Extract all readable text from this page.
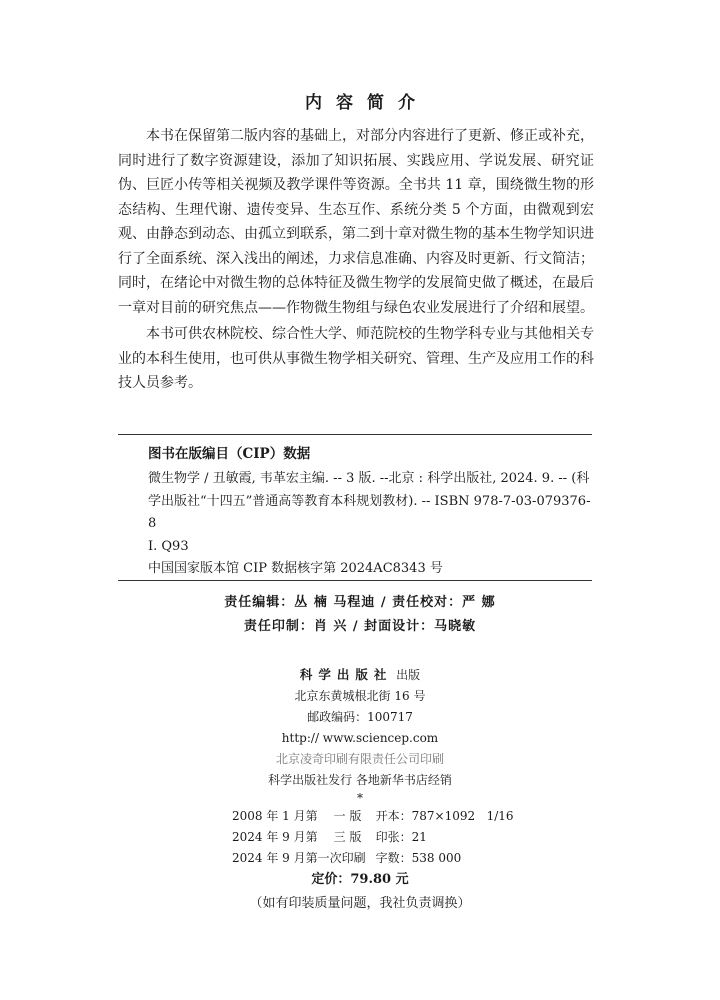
内容简介

本书在保留第二版内容的基础上，对部分内容进行了更新、修正或补充，同时进行了数字资源建设，添加了知识拓展、实践应用、学说发展、研究证伪、巨匠小传等相关视频及教学课件等资源。全书共 11 章，围绕微生物的形态结构、生理代谢、遗传变异、生态互作、系统分类 5 个方面，由微观到宏观、由静态到动态、由孤立到联系，第二到十章对微生物的基本生物学知识进行了全面系统、深入浅出的阐述，力求信息准确、内容及时更新、行文简洁；同时，在绪论中对微生物的总体特征及微生物学的发展简史做了概述，在最后一章对目前的研究焦点——作物微生物组与绿色农业发展进行了介绍和展望。

本书可供农林院校、综合性大学、师范院校的生物学科专业与其他相关专业的本科生使用，也可供从事微生物学相关研究、管理、生产及应用工作的科技人员参考。

图书在版编目（CIP）数据
微生物学 / 丑敏霞, 韦革宏主编. -- 3 版. --北京 : 科学出版社, 2024. 9. -- (科学出版社“十四五”普通高等教育本科规划教材). -- ISBN 978-7-03-079376-8
Ⅰ. Q93
中国国家版本馆 CIP 数据核字第 2024AC8343 号
责任编辑：丛 楠 马程迪 / 责任校对：严 娜
责任印制：肖 兴 / 封面设计：马晓敏
科学出版社 出版
北京东黄城根北街 16 号
邮政编码：100717
http:// www.sciencep.com
北京凌奇印刷有限责任公司印刷
科学出版社发行 各地新华书店经销
*
2008 年 1 月第	一 版	开本：	787×1092   1/16
2024 年 9 月第	三 版	印张：	21
2024 年 9 月第一次印刷		字数：	538 000
定价：79.80 元
（如有印装质量问题，我社负责调换）
